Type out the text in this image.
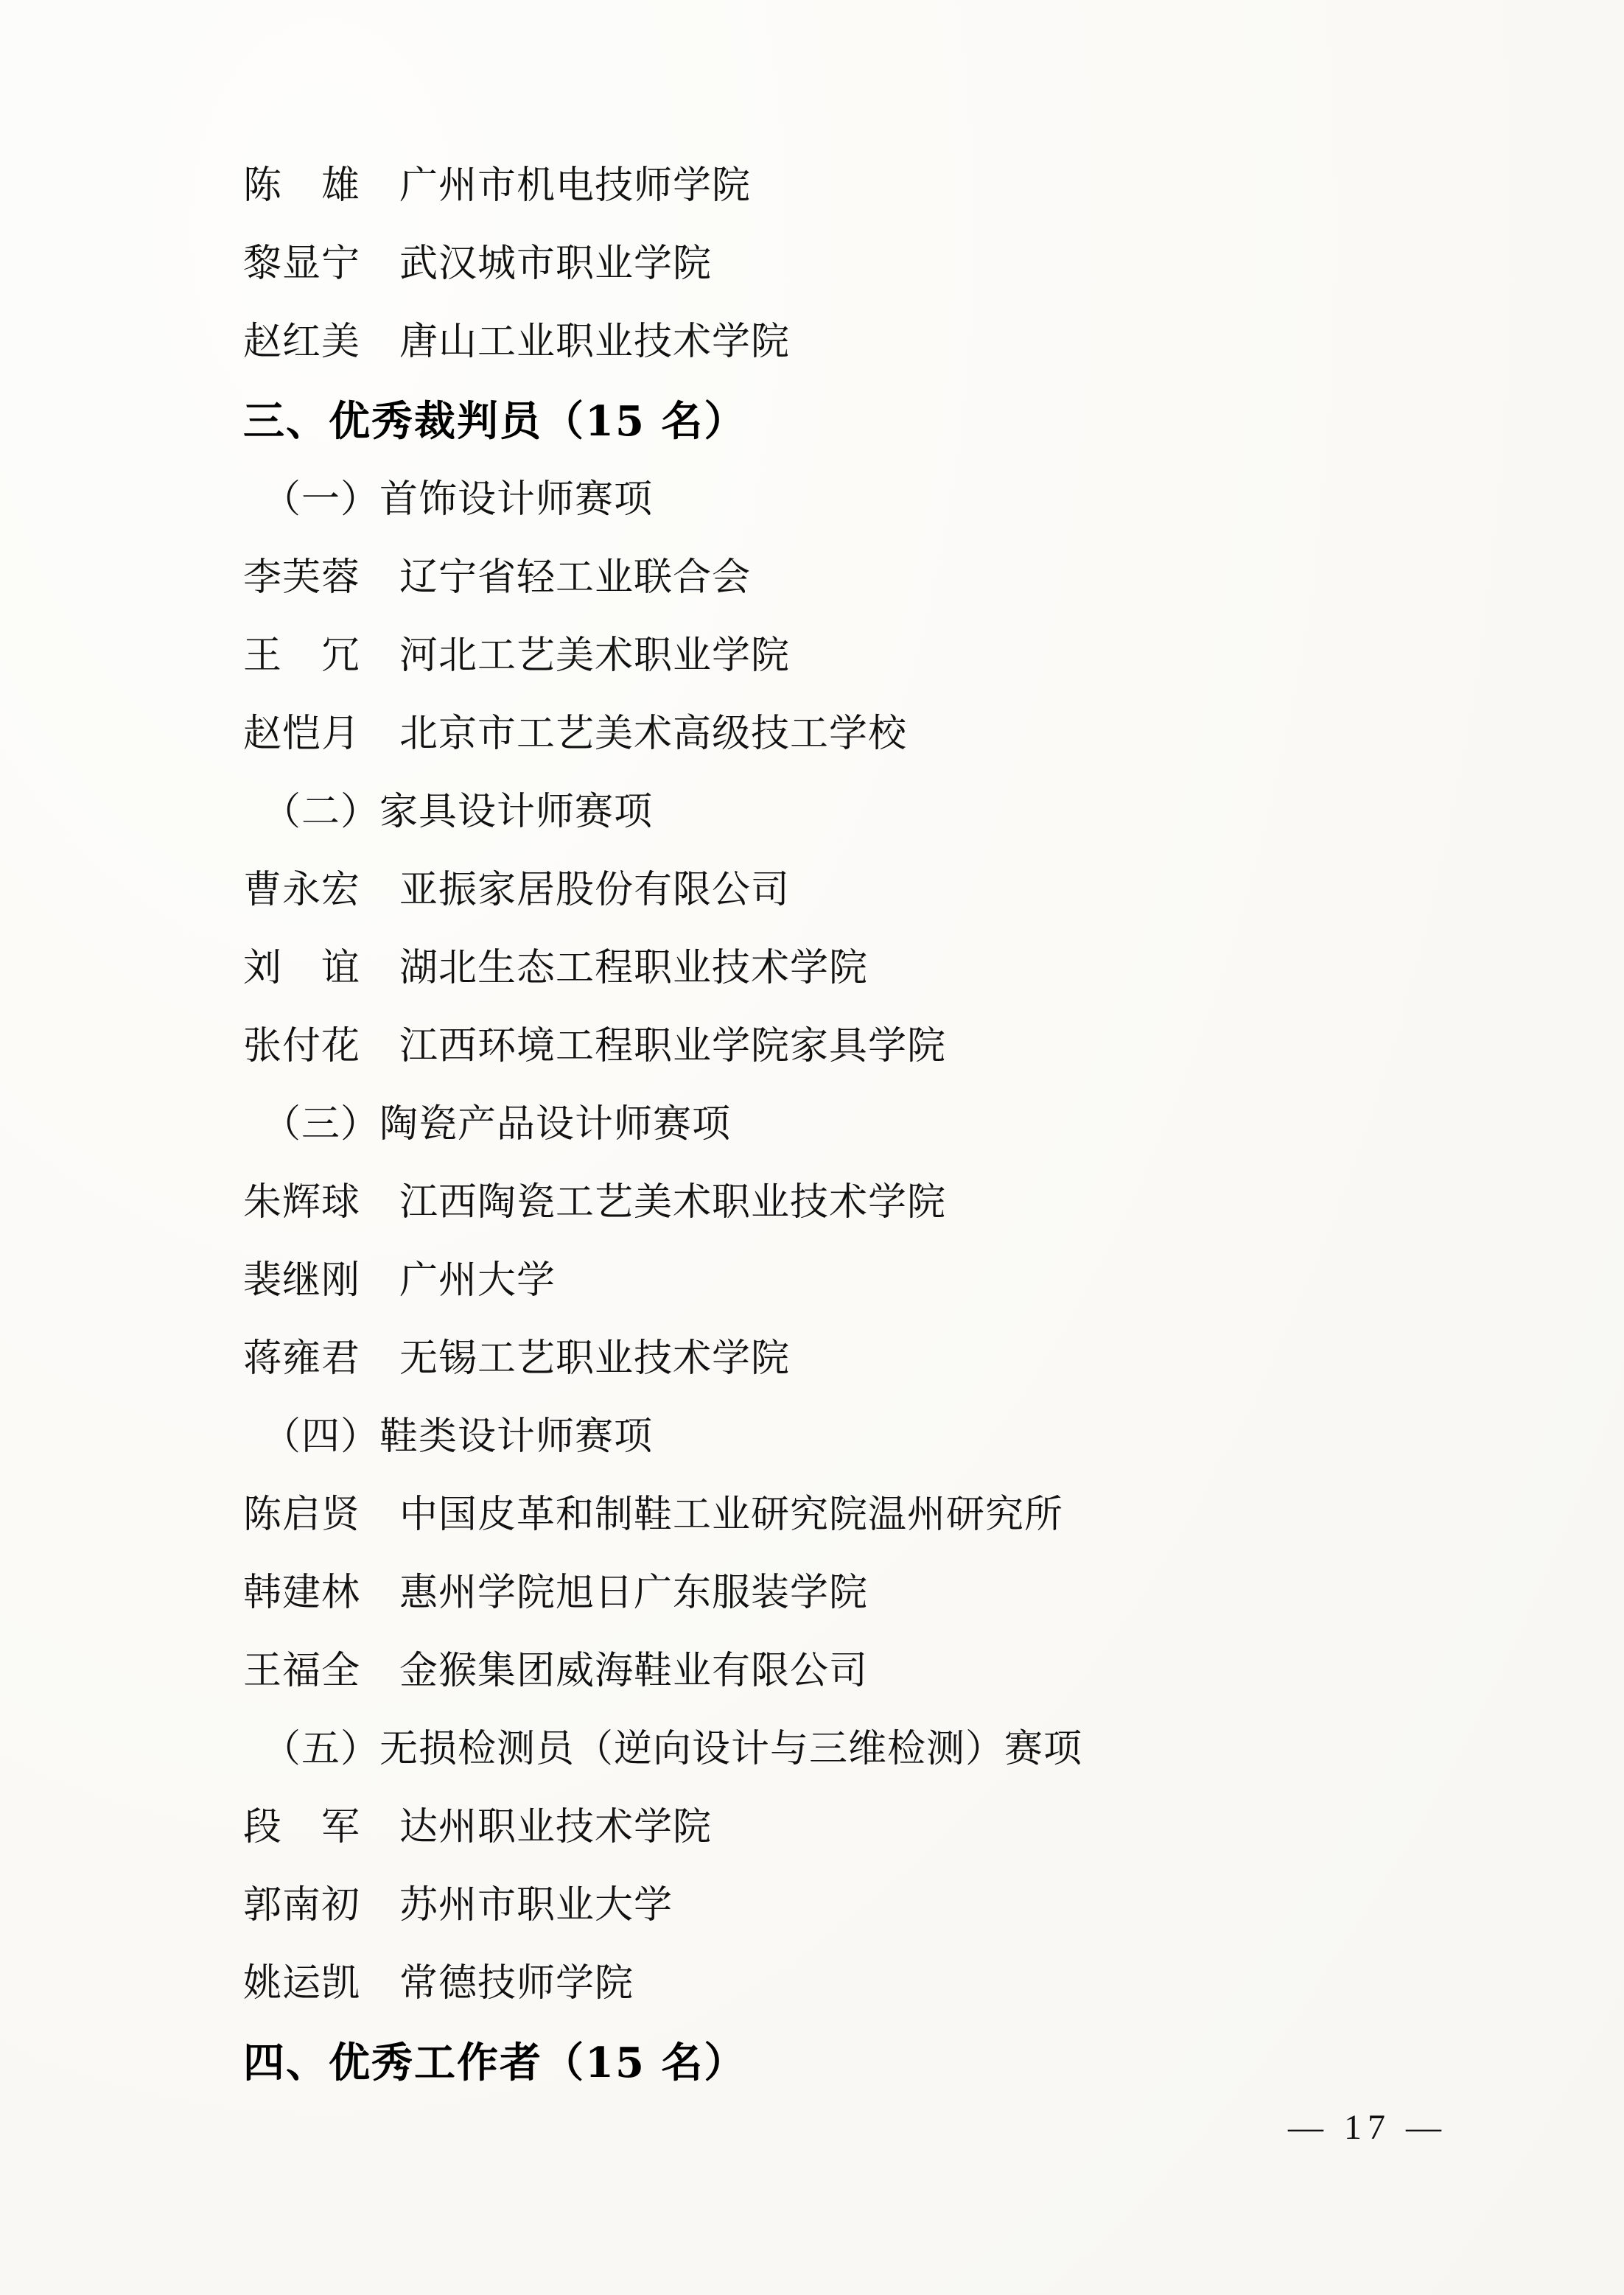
陈　雄　广州市机电技师学院
黎显宁　武汉城市职业学院
赵红美　唐山工业职业技术学院
三、优秀裁判员（15 名）
（一）首饰设计师赛项
李芙蓉　辽宁省轻工业联合会
王　冗　河北工艺美术职业学院
赵恺月　北京市工艺美术高级技工学校
（二）家具设计师赛项
曹永宏　亚振家居股份有限公司
刘　谊　湖北生态工程职业技术学院
张付花　江西环境工程职业学院家具学院
（三）陶瓷产品设计师赛项
朱辉球　江西陶瓷工艺美术职业技术学院
裴继刚　广州大学
蒋雍君　无锡工艺职业技术学院
（四）鞋类设计师赛项
陈启贤　中国皮革和制鞋工业研究院温州研究所
韩建林　惠州学院旭日广东服装学院
王福全　金猴集团威海鞋业有限公司
（五）无损检测员（逆向设计与三维检测）赛项
段　军　达州职业技术学院
郭南初　苏州市职业大学
姚运凯　常德技师学院
四、优秀工作者（15 名）
— 17 —
